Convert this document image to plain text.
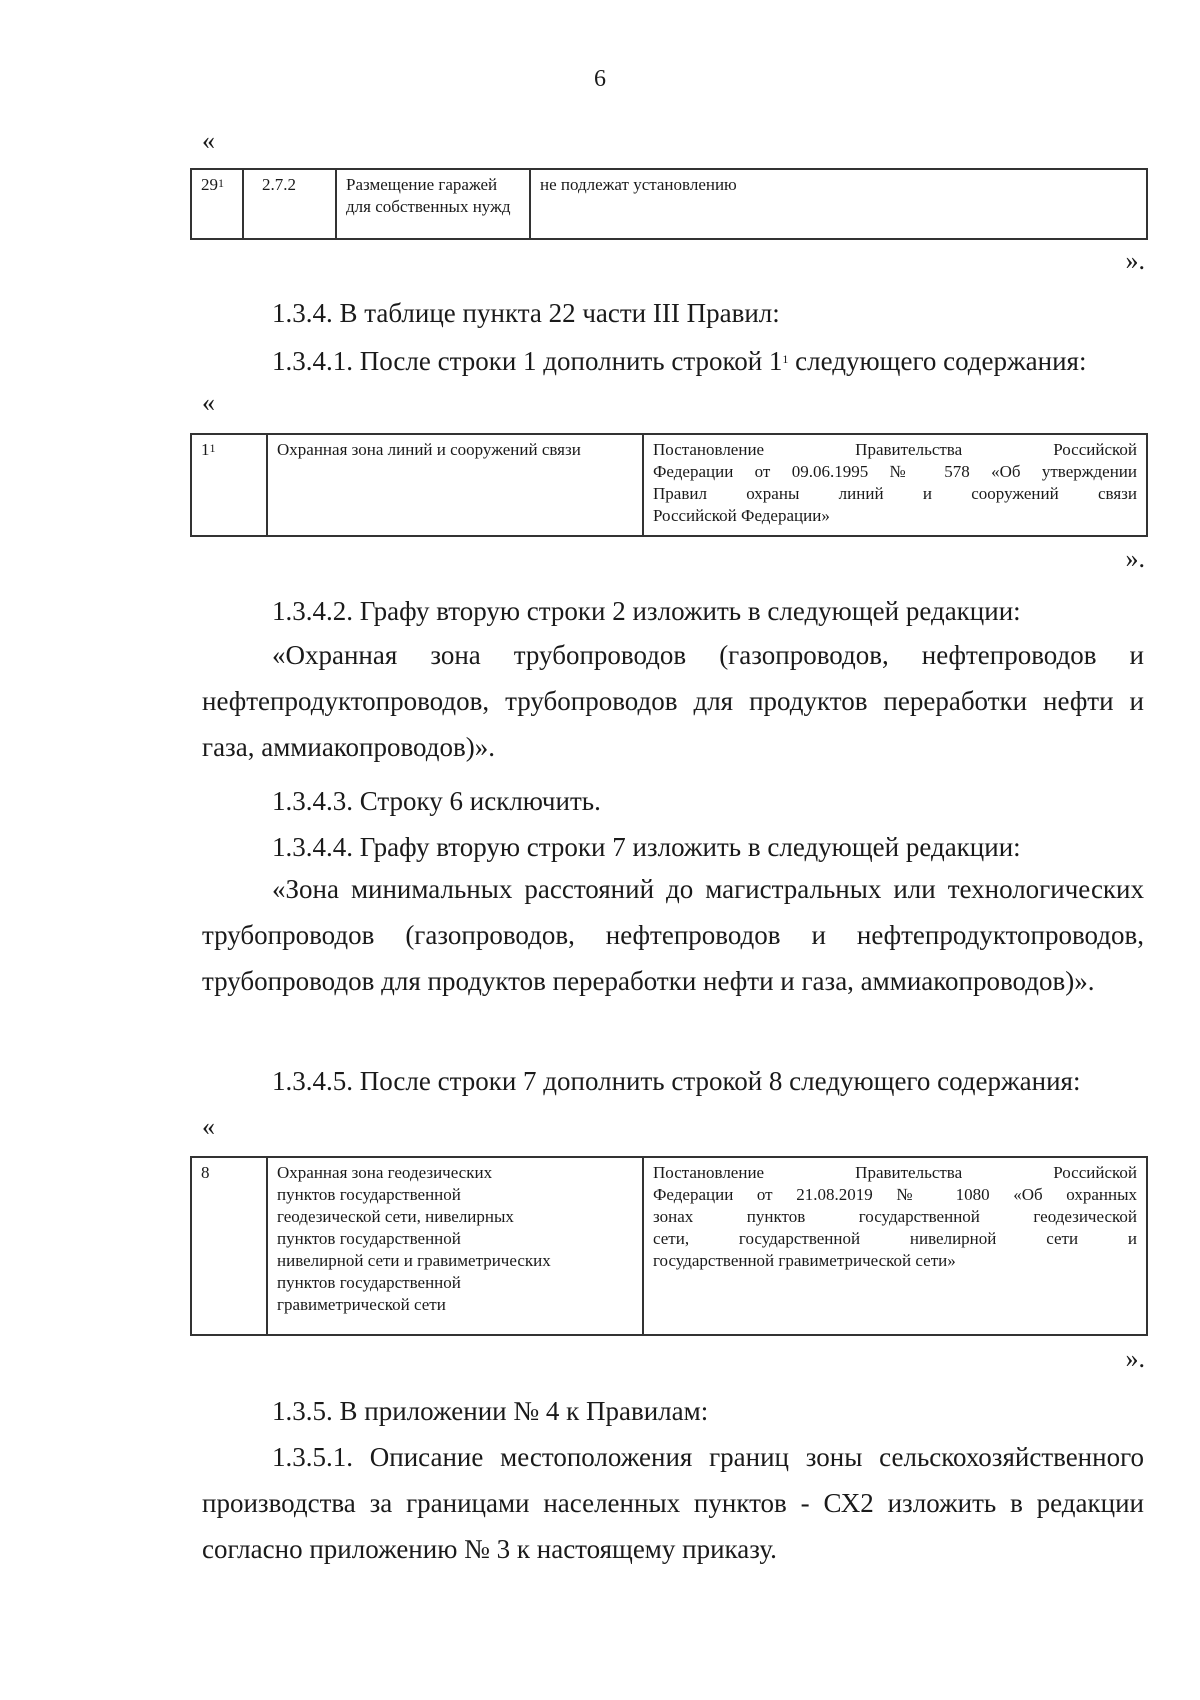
6
«
$29^1$	2.7.2	Размещение гаражей для собственных нужд	не подлежат установлению
».

1.3.4. В таблице пункта 22 части III Правил:

1.3.4.1. После строки 1 дополнить строкой $1^1$ следующего содержания:

«
$1^1$	Охранная зона линий и сооружений связи	Постановление Правительства Российской
Федерации от 09.06.1995 № 578 «Об утверждении
Правил охраны линий и сооружений связи
Российской Федерации»
».

1.3.4.2. Графу вторую строки 2 изложить в следующей редакции:

«Охранная зона трубопроводов (газопроводов, нефтепроводов и нефтепродуктопроводов, трубопроводов для продуктов переработки нефти и газа, аммиакопроводов)».

1.3.4.3. Строку 6 исключить.

1.3.4.4. Графу вторую строки 7 изложить в следующей редакции:

«Зона минимальных расстояний до магистральных или технологических трубопроводов (газопроводов, нефтепроводов и нефтепродуктопроводов, трубопроводов для продуктов переработки нефти и газа, аммиакопроводов)».

1.3.4.5. После строки 7 дополнить строкой 8 следующего содержания:

«
8	Охранная зона геодезических
пунктов государственной
геодезической сети, нивелирных
пунктов государственной
нивелирной сети и гравиметрических
пунктов государственной
гравиметрической сети

Постановление Правительства Российской
Федерации от 21.08.2019 № 1080 «Об охранных
зонах пунктов государственной геодезической
сети, государственной нивелирной сети и
государственной гравиметрической сети»
».

1.3.5. В приложении № 4 к Правилам:

1.3.5.1. Описание местоположения границ зоны сельскохозяйственного производства за границами населенных пунктов - СХ2 изложить в редакции согласно приложению № 3 к настоящему приказу.
